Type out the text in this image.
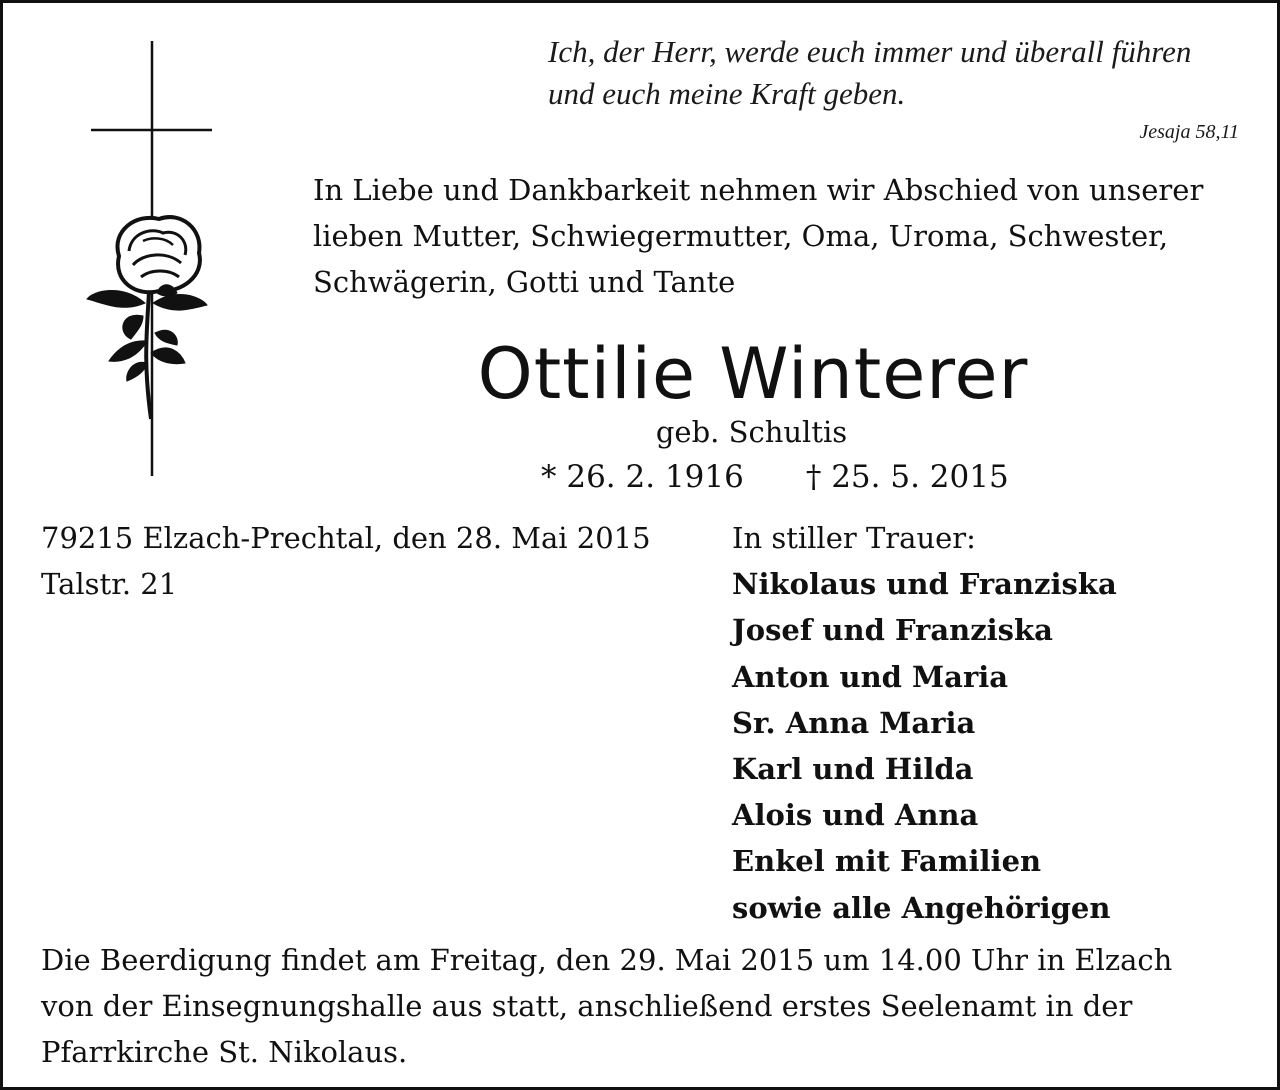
Ich, der Herr, werde euch immer und überall führen
und euch meine Kraft geben.
Jesaja 58,11
In Liebe und Dankbarkeit nehmen wir Abschied von unserer
lieben Mutter, Schwiegermutter, Oma, Uroma, Schwester,
Schwägerin, Gotti und Tante
Ottilie Winterer
geb. Schultis
* 26. 2. 1916 † 25. 5. 2015
79215 Elzach-Prechtal, den 28. Mai 2015
Talstr. 21
In stiller Trauer:
Nikolaus und Franziska
Josef und Franziska
Anton und Maria
Sr. Anna Maria
Karl und Hilda
Alois und Anna
Enkel mit Familien
sowie alle Angehörigen
Die Beerdigung findet am Freitag, den 29. Mai 2015 um 14.00 Uhr in Elzach
von der Einsegnungshalle aus statt, anschließend erstes Seelenamt in der
Pfarrkirche St. Nikolaus.
